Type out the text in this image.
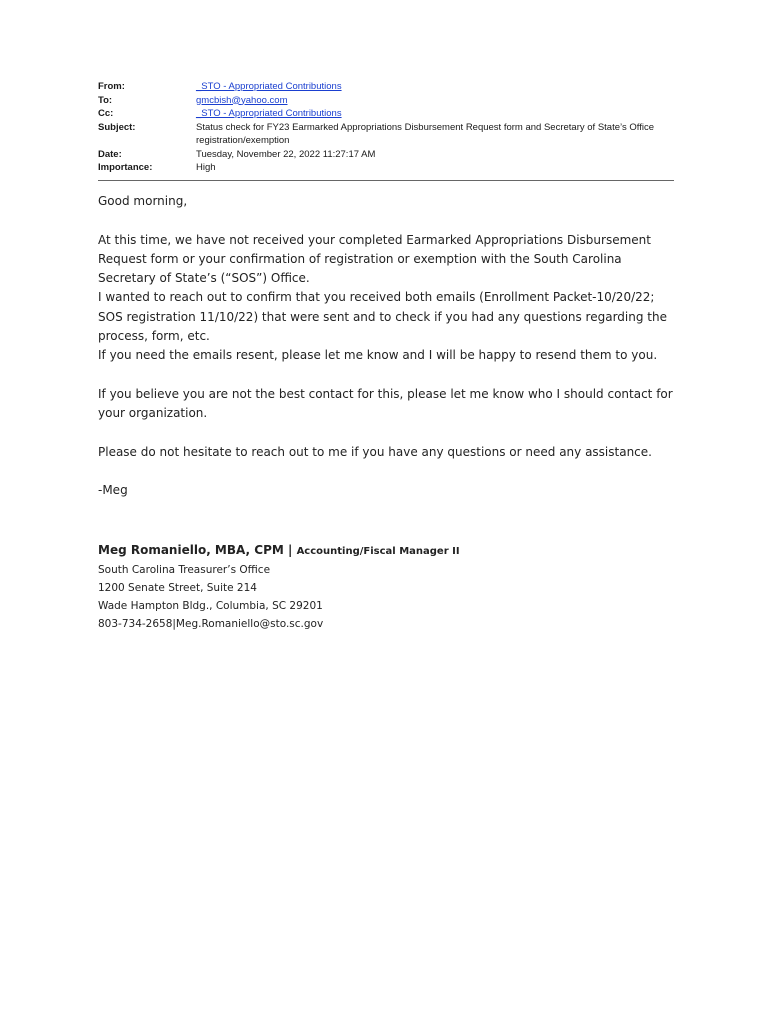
From:	_STO - Appropriated Contributions
To:	gmcbish@yahoo.com
Cc:	_STO - Appropriated Contributions
Subject:	Status check for FY23 Earmarked Appropriations Disbursement Request form and Secretary of State’s Office registration/exemption
Date:	Tuesday, November 22, 2022 11:27:17 AM
Importance:	High

Good morning,

At this time, we have not received your completed Earmarked Appropriations Disbursement Request form or your confirmation of registration or exemption with the South Carolina Secretary of State’s (“SOS”) Office.

I wanted to reach out to confirm that you received both emails (Enrollment Packet-10/20/22; SOS registration 11/10/22) that were sent and to check if you had any questions regarding the process, form, etc.

If you need the emails resent, please let me know and I will be happy to resend them to you.

If you believe you are not the best contact for this, please let me know who I should contact for your organization.

Please do not hesitate to reach out to me if you have any questions or need any assistance.

-Meg

Meg Romaniello, MBA, CPM | Accounting/Fiscal Manager II
South Carolina Treasurer’s Office
1200 Senate Street, Suite 214
Wade Hampton Bldg., Columbia, SC 29201
803-734-2658|Meg.Romaniello@sto.sc.gov
